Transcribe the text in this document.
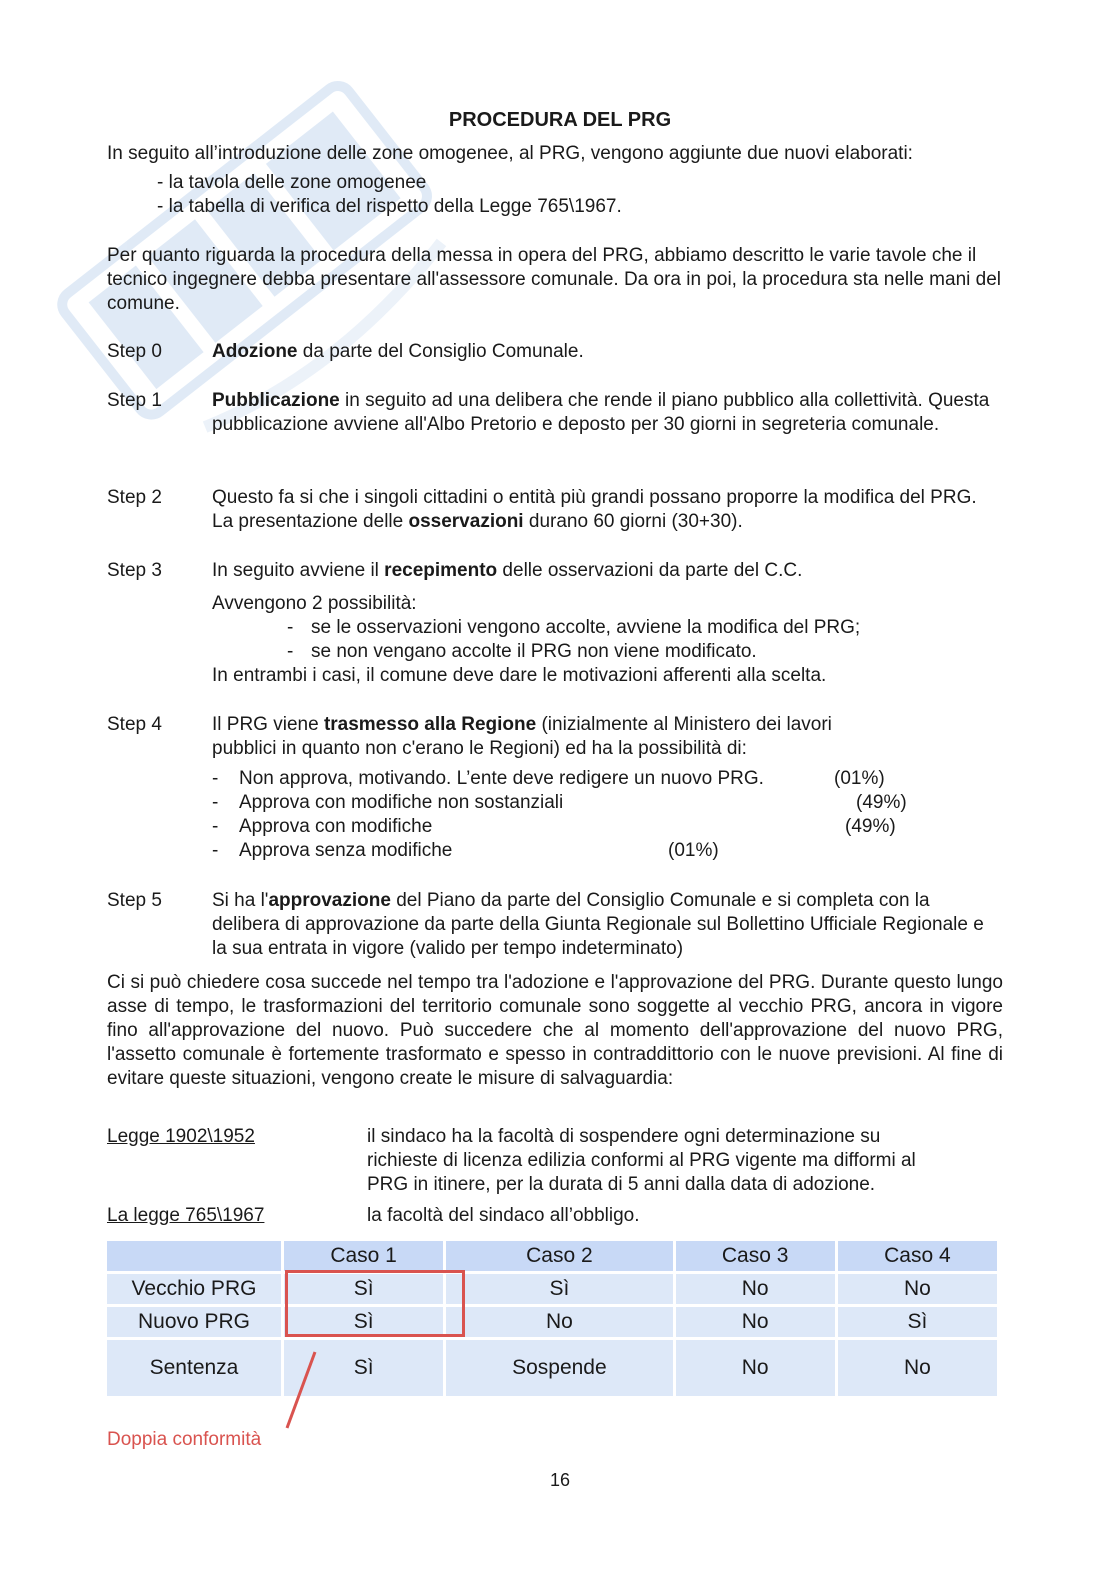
PROCEDURA DEL PRG
In seguito all’introduzione delle zone omogenee, al PRG, vengono aggiunte due nuovi elaborati:
- la tavola delle zone omogenee
- la tabella di verifica del rispetto della Legge 765\1967.
Per quanto riguarda la procedura della messa in opera del PRG, abbiamo descritto le varie tavole che il tecnico ingegnere debba presentare all'assessore comunale. Da ora in poi, la procedura sta nelle mani del comune.
Step 0	Adozione da parte del Consiglio Comunale.
Step 1	Pubblicazione in seguito ad una delibera che rende il piano pubblico alla collettività. Questa pubblicazione avviene all'Albo Pretorio e deposto per 30 giorni in segreteria comunale.
Step 2	Questo fa si che i singoli cittadini o entità più grandi possano proporre la modifica del PRG. La presentazione delle osservazioni durano 60 giorni (30+30).
Step 3	In seguito avviene il recepimento delle osservazioni da parte del C.C.
Avvengono 2 possibilità:
- se le osservazioni vengono accolte, avviene la modifica del PRG;
- se non vengano accolte il PRG non viene modificato.
In entrambi i casi, il comune deve dare le motivazioni afferenti alla scelta.
Step 4	Il PRG viene trasmesso alla Regione (inizialmente al Ministero dei lavori pubblici in quanto non c'erano le Regioni) ed ha la possibilità di:
- Non approva, motivando. L’ente deve redigere un nuovo PRG.	(01%)
- Approva con modifiche non sostanziali	(49%)
- Approva con modifiche	(49%)
- Approva senza modifiche	(01%)
Step 5	Si ha l'approvazione del Piano da parte del Consiglio Comunale e si completa con la delibera di approvazione da parte della Giunta Regionale sul Bollettino Ufficiale Regionale e la sua entrata in vigore (valido per tempo indeterminato)
Ci si può chiedere cosa succede nel tempo tra l'adozione e l'approvazione del PRG. Durante questo lungo asse di tempo, le trasformazioni del territorio comunale sono soggette al vecchio PRG, ancora in vigore fino all'approvazione del nuovo. Può succedere che al momento dell'approvazione del nuovo PRG, l'assetto comunale è fortemente trasformato e spesso in contraddittorio con le nuove previsioni. Al fine di evitare queste situazioni, vengono create le misure di salvaguardia:
Legge 1902\1952	il sindaco ha la facoltà di sospendere ogni determinazione su richieste di licenza edilizia conformi al PRG vigente ma difformi al PRG in itinere, per la durata di 5 anni dalla data di adozione.
La legge 765\1967	la facoltà del sindaco all’obbligo.
	Caso 1	Caso 2	Caso 3	Caso 4
Vecchio PRG	Sì	Sì	No	No
Nuovo PRG	Sì	No	No	Sì
Sentenza	Sì	Sospende	No	No
Doppia conformità
16
